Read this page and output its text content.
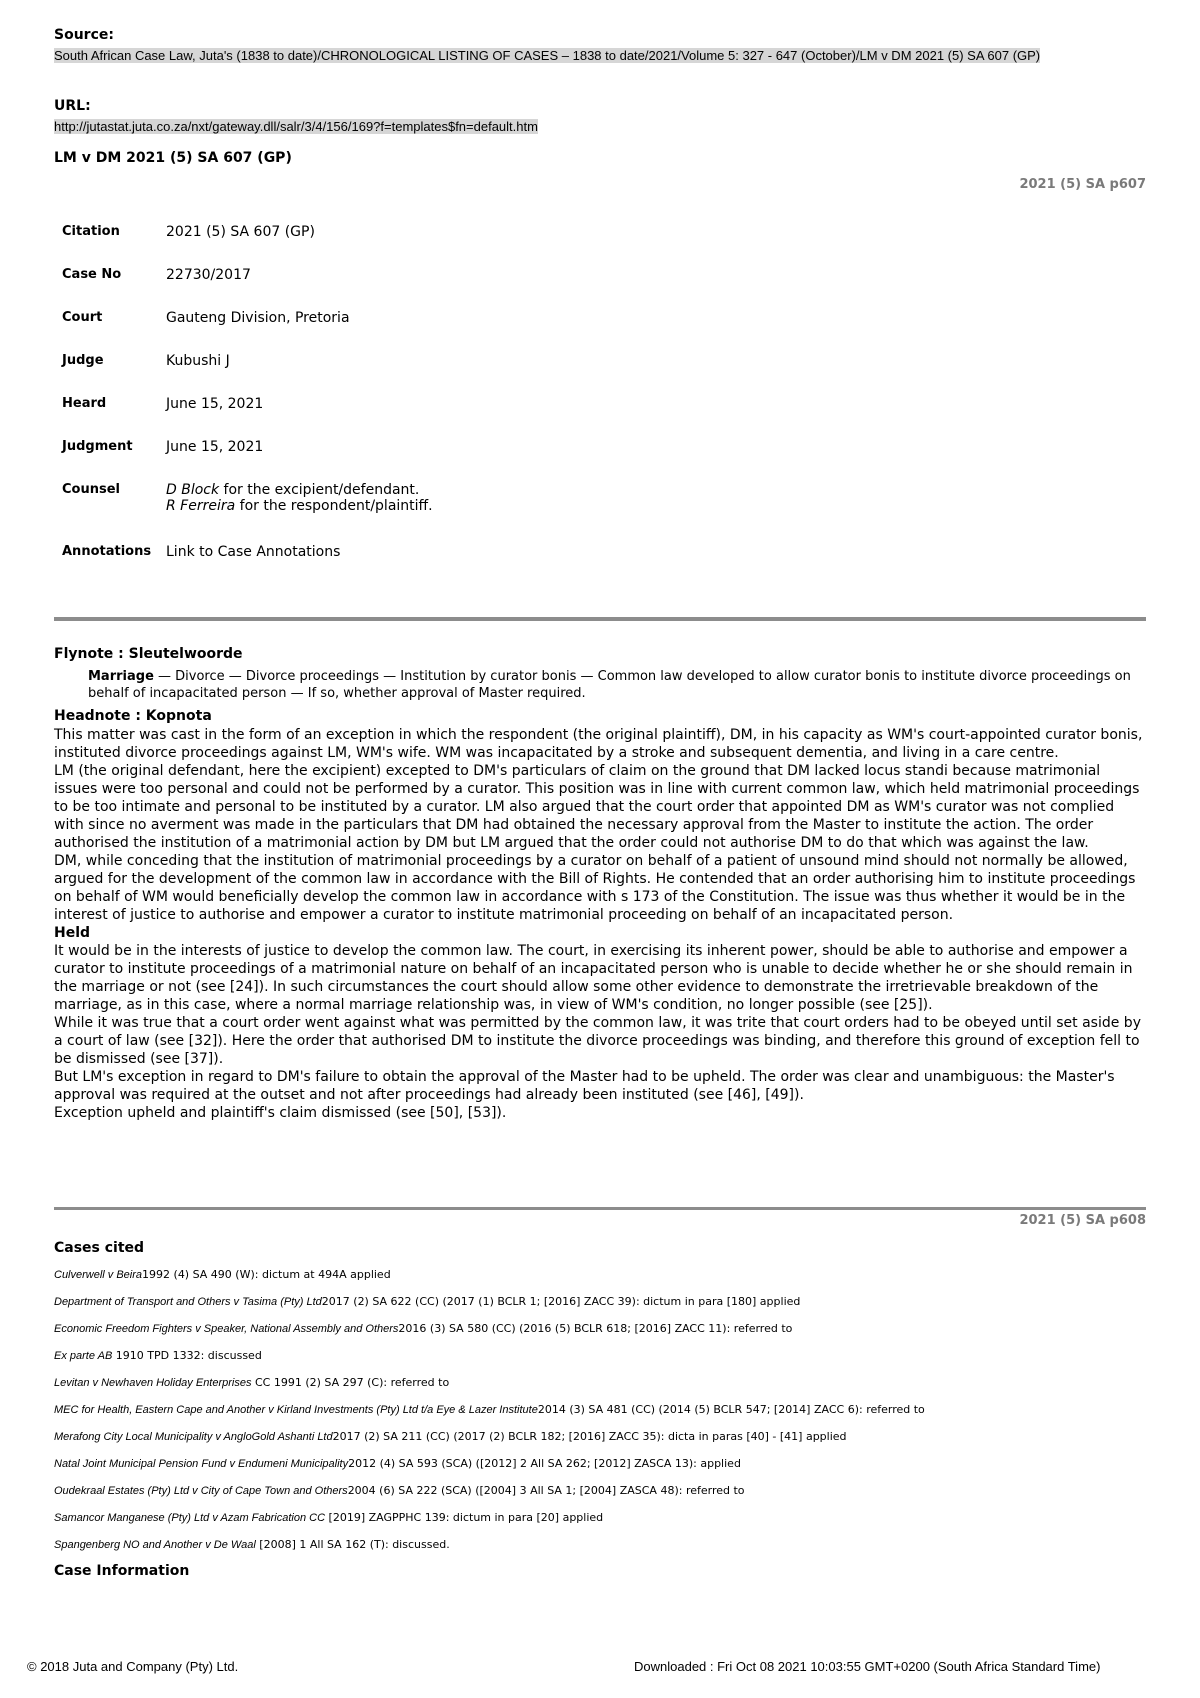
Source:
South African Case Law, Juta's (1838 to date)/CHRONOLOGICAL LISTING OF CASES – 1838 to date/2021/Volume 5: 327 - 647 (October)/LM v DM 2021 (5) SA 607 (GP)
URL:
http://jutastat.juta.co.za/nxt/gateway.dll/salr/3/4/156/169?f=templates$fn=default.htm
LM v DM 2021 (5) SA 607 (GP)
2021 (5) SA p607
Citation	2021 (5) SA 607 (GP)
Case No	22730/2017
Court	Gauteng Division, Pretoria
Judge	Kubushi J
Heard	June 15, 2021
Judgment	June 15, 2021
Counsel	D Block for the excipient/defendant.
R Ferreira for the respondent/plaintiff.

Annotations	Link to Case Annotations
Flynote : Sleutelwoorde
Marriage — Divorce — Divorce proceedings — Institution by curator bonis — Common law developed to allow curator bonis to institute divorce proceedings on behalf of incapacitated person — If so, whether approval of Master required.
Headnote : Kopnota

This matter was cast in the form of an exception in which the respondent (the original plaintiff), DM, in his capacity as WM's court-appointed curator bonis, instituted divorce proceedings against LM, WM's wife. WM was incapacitated by a stroke and subsequent dementia, and living in a care centre.

LM (the original defendant, here the excipient) excepted to DM's particulars of claim on the ground that DM lacked locus standi because matrimonial issues were too personal and could not be performed by a curator. This position was in line with current common law, which held matrimonial proceedings to be too intimate and personal to be instituted by a curator. LM also argued that the court order that appointed DM as WM's curator was not complied with since no averment was made in the particulars that DM had obtained the necessary approval from the Master to institute the action. The order authorised the institution of a matrimonial action by DM but LM argued that the order could not authorise DM to do that which was against the law.

DM, while conceding that the institution of matrimonial proceedings by a curator on behalf of a patient of unsound mind should not normally be allowed, argued for the development of the common law in accordance with the Bill of Rights. He contended that an order authorising him to institute proceedings on behalf of WM would beneficially develop the common law in accordance with s 173 of the Constitution. The issue was thus whether it would be in the interest of justice to authorise and empower a curator to institute matrimonial proceeding on behalf of an incapacitated person.

Held

It would be in the interests of justice to develop the common law. The court, in exercising its inherent power, should be able to authorise and empower a curator to institute proceedings of a matrimonial nature on behalf of an incapacitated person who is unable to decide whether he or she should remain in the marriage or not (see [24]). In such circumstances the court should allow some other evidence to demonstrate the irretrievable breakdown of the marriage, as in this case, where a normal marriage relationship was, in view of WM's condition, no longer possible (see [25]).

While it was true that a court order went against what was permitted by the common law, it was trite that court orders had to be obeyed until set aside by a court of law (see [32]). Here the order that authorised DM to institute the divorce proceedings was binding, and therefore this ground of exception fell to be dismissed (see [37]).

But LM's exception in regard to DM's failure to obtain the approval of the Master had to be upheld. The order was clear and unambiguous: the Master's approval was required at the outset and not after proceedings had already been instituted (see [46], [49]).

Exception upheld and plaintiff's claim dismissed (see [50], [53]).

2021 (5) SA p608
Cases cited
Culverwell v Beira1992 (4) SA 490 (W): dictum at 494A applied
Department of Transport and Others v Tasima (Pty) Ltd2017 (2) SA 622 (CC) (2017 (1) BCLR 1; [2016] ZACC 39): dictum in para [180] applied
Economic Freedom Fighters v Speaker, National Assembly and Others2016 (3) SA 580 (CC) (2016 (5) BCLR 618; [2016] ZACC 11): referred to
Ex parte AB 1910 TPD 1332: discussed
Levitan v Newhaven Holiday Enterprises CC 1991 (2) SA 297 (C): referred to
MEC for Health, Eastern Cape and Another v Kirland Investments (Pty) Ltd t/a Eye & Lazer Institute2014 (3) SA 481 (CC) (2014 (5) BCLR 547; [2014] ZACC 6): referred to
Merafong City Local Municipality v AngloGold Ashanti Ltd2017 (2) SA 211 (CC) (2017 (2) BCLR 182; [2016] ZACC 35): dicta in paras [40] - [41] applied
Natal Joint Municipal Pension Fund v Endumeni Municipality2012 (4) SA 593 (SCA) ([2012] 2 All SA 262; [2012] ZASCA 13): applied
Oudekraal Estates (Pty) Ltd v City of Cape Town and Others2004 (6) SA 222 (SCA) ([2004] 3 All SA 1; [2004] ZASCA 48): referred to
Samancor Manganese (Pty) Ltd v Azam Fabrication CC [2019] ZAGPPHC 139: dictum in para [20] applied
Spangenberg NO and Another v De Waal [2008] 1 All SA 162 (T): discussed.
Case Information
© 2018 Juta and Company (Pty) Ltd.	Downloaded : Fri Oct 08 2021 10:03:55 GMT+0200 (South Africa Standard Time)
